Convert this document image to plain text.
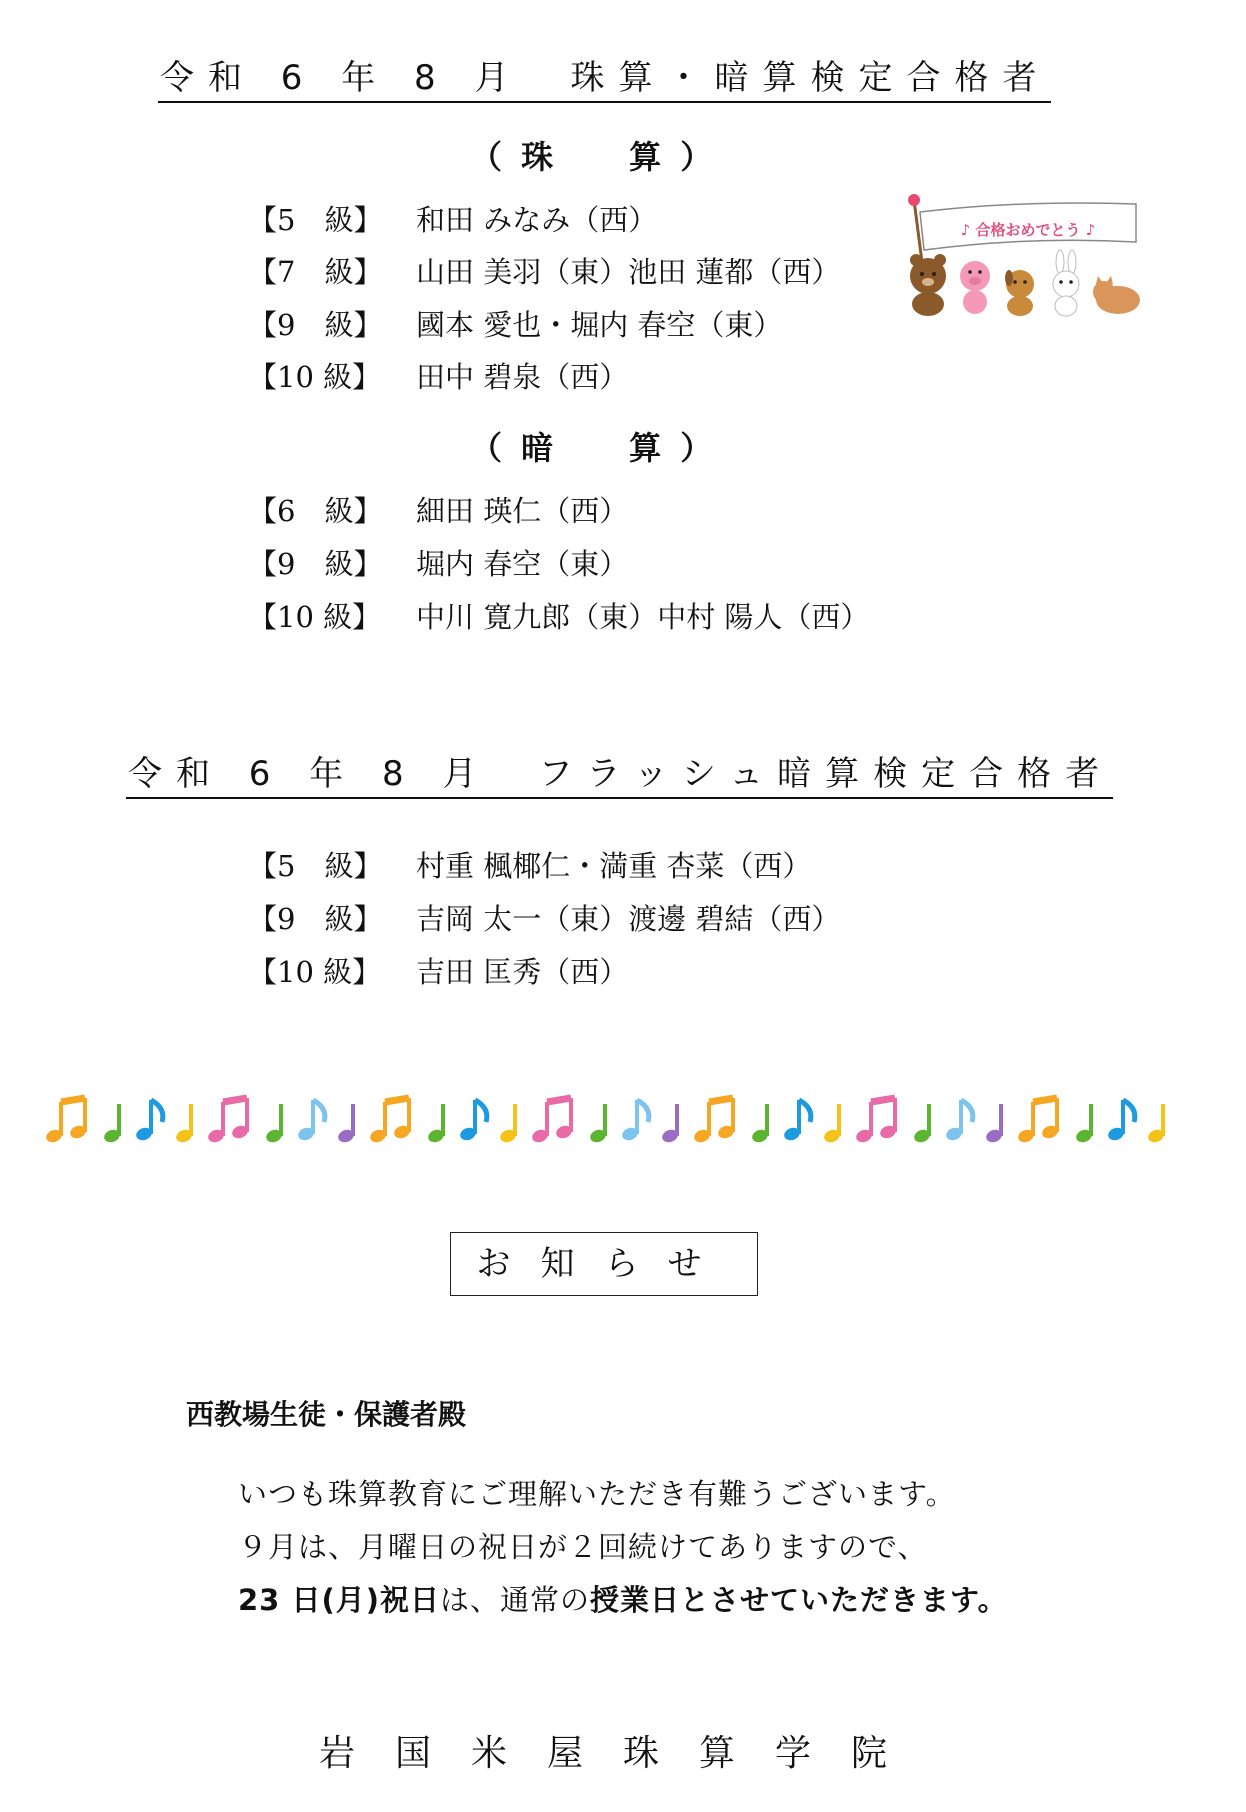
令和 6 年 8 月　珠算・暗算検定合格者
（ 珠　　算 ）
【5　級】 和田 みなみ（西）
【7　級】 山田 美羽（東）池田 蓮都（西）
【9　級】 國本 愛也・堀内 春空（東）
【10 級】 田中 碧泉（西）
♪ 合格おめでとう ♪
（ 暗　　算 ）
【6　級】 細田 瑛仁（西）
【9　級】 堀内 春空（東）
【10 級】 中川 寛九郎（東）中村 陽人（西）
令和 6 年 8 月　フラッシュ暗算検定合格者
【5　級】 村重 楓椰仁・満重 杏菜（西）
【9　級】 吉岡 太一（東）渡邊 碧結（西）
【10 級】 吉田 匡秀（西）
お知らせ
西教場生徒・保護者殿
いつも珠算教育にご理解いただき有難うございます。
９月は、月曜日の祝日が２回続けてありますので、
23 日(月)祝日は、通常の授業日とさせていただきます。
岩国米屋珠算学院
